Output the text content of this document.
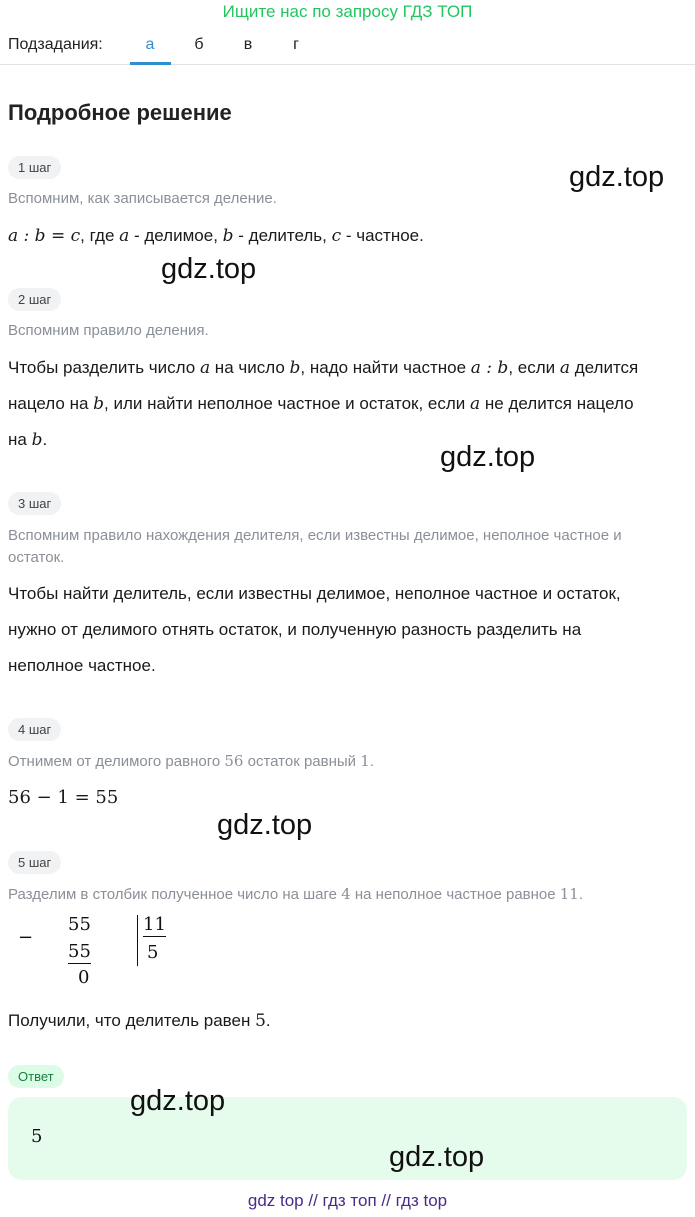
Ищите нас по запросу ГДЗ ТОП
Подзадания:	а	б	в	г
Подробное решение
1 шаг
Вспомним, как записывается деление.
a : b = c, где a - делимое, b - делитель, c - частное.
2 шаг
Вспомним правило деления.
Чтобы разделить число a на число b, надо найти частное a : b, если a делится
нацело на b, или найти неполное частное и остаток, если a не делится нацело
на b.
3 шаг
Вспомним правило нахождения делителя, если известны делимое, неполное частное и
остаток.
Чтобы найти делитель, если известны делимое, неполное частное и остаток,
нужно от делимого отнять остаток, и полученную разность разделить на
неполное частное.
4 шаг
Отнимем от делимого равного 56 остаток равный 1.
56 − 1 = 55
5 шаг
Разделим в столбик полученное число на шаге 4 на неполное частное равное 11.
−
55
55
0
11
5
Получили, что делитель равен 5.
Ответ
5
gdz.top
gdz.top
gdz.top
gdz.top
gdz.top
gdz.top
gdz top // гдз топ // гдз top
